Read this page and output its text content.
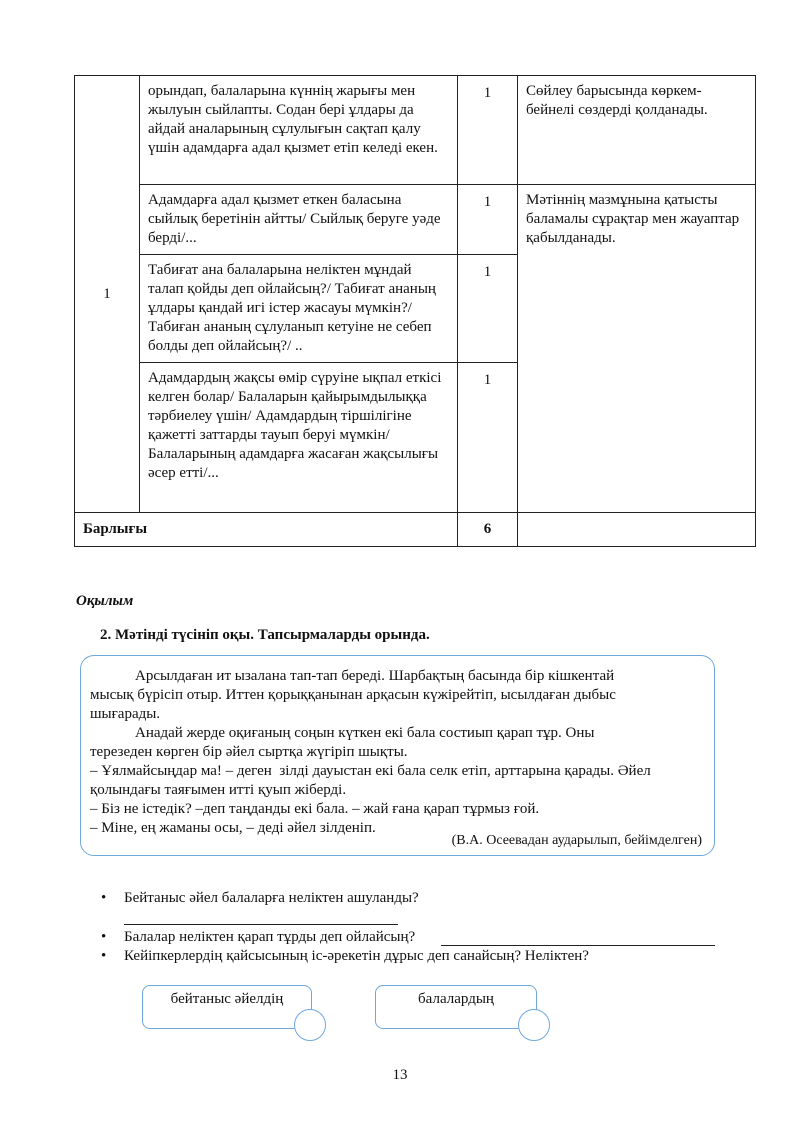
1	орындап, балаларына күннің жарығы мен жылуын сыйлапты. Содан бері ұлдары да айдай аналарының сұлулығын сақтап қалу үшін адамдарға адал қызмет етіп келеді екен.	1	Сөйлеу барысында көркем-бейнелі сөздерді қолданады.
	Адамдарға адал қызмет еткен баласына сыйлық беретінін айтты/ Сыйлық беруге уәде берді/...	1	Мәтіннің мазмұнына қатысты баламалы сұрақтар мен жауаптар қабылданады.
	Табиғат ана балаларына неліктен мұндай талап қойды деп ойлайсың?/ Табиғат ананың ұлдары қандай игі істер жасауы мүмкін?/ Табиған ананың сұлуланып кетуіне не себеп болды деп ойлайсың?/ ..	1	
	Адамдардың жақсы өмір сүруіне ықпал еткісі келген болар/ Балаларын қайырымдылыққа тәрбиелеу үшін/ Адамдардың тіршілігіне қажетті заттарды тауып беруі мүмкін/ Балаларының адамдарға жасаған жақсылығы әсер етті/...	1	
Барлығы		6	
Оқылым
2. Мәтінді түсініп оқы. Тапсырмаларды орында.
Арсылдаған ит ызалана тап-тап береді. Шарбақтың басында бір кішкентай
мысық бүрісіп отыр. Иттен қорыққанынан арқасын күжірейтіп, ысылдаған дыбыс
шығарады.
Анадай жерде оқиғаның соңын күткен екі бала состиып қарап тұр. Оны
терезеден көрген бір әйел сыртқа жүгіріп шықты.
– Ұялмайсыңдар ма! – деген  зілді дауыстан екі бала селк етіп, арттарына қарады. Әйел
қолындағы таяғымен итті қуып жіберді.
– Біз не істедік? –деп таңданды екі бала. – жай ғана қарап тұрмыз ғой.
– Міне, ең жаманы осы, – деді әйел зілденіп.
(В.А. Осеевадан аударылып, бейімделген)
• Бейтаныс әйел балаларға неліктен ашуланды?
• Балалар неліктен қарап тұрды деп ойлайсың?
• Кейіпкерлердің қайсысының іс-әрекетін дұрыс деп санайсың? Неліктен?
бейтаныс әйелдің	балалардың
13
